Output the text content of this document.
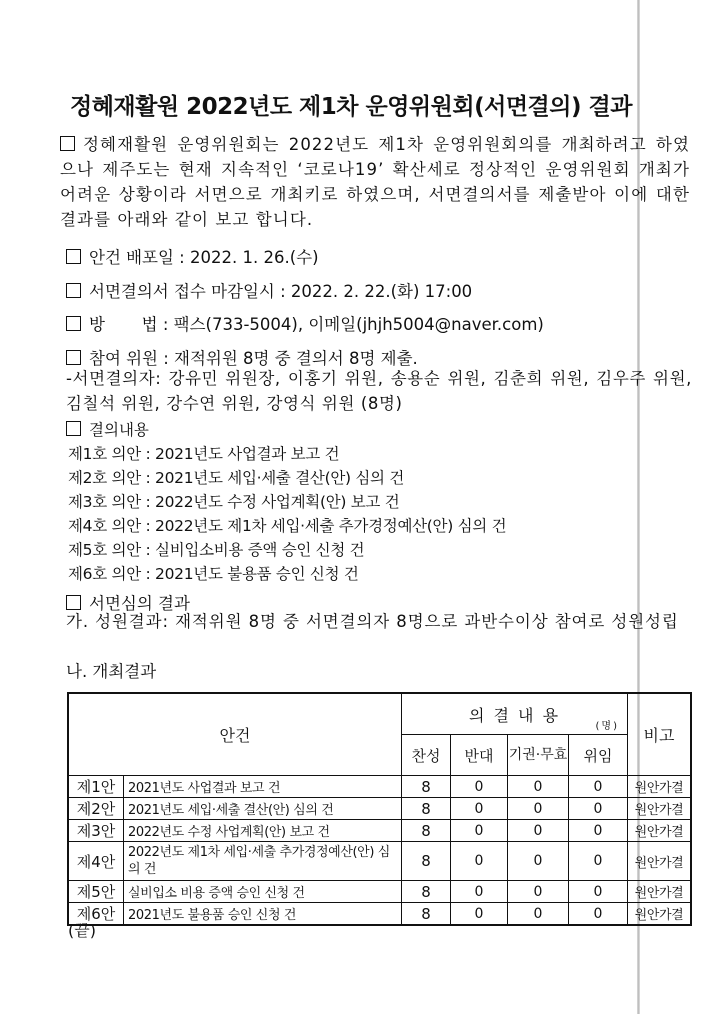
정혜재활원 2022년도 제1차 운영위원회(서면결의) 결과
정혜재활원 운영위원회는 2022년도 제1차 운영위원회의를 개최하려고 하였으나 제주도는 현재 지속적인 ‘코로나19’ 확산세로 정상적인 운영위원회 개최가 어려운 상황이라 서면으로 개최키로 하였으며, 서면결의서를 제출받아 이에 대한 결과를 아래와 같이 보고 합니다.
안건 배포일 : 2022. 1. 26.(수)
서면결의서 접수 마감일시 : 2022. 2. 22.(화) 17:00
방       법 : 팩스(733-5004), 이메일(jhjh5004@naver.com)
참여 위원 : 재적위원 8명 중 결의서 8명 제출.
-서면결의자: 강유민 위원장, 이홍기 위원, 송용순 위원, 김춘희 위원, 김우주 위원, 김칠석 위원, 강수연 위원, 강영식 위원 (8명)
결의내용
제1호 의안 : 2021년도 사업결과 보고 건
제2호 의안 : 2021년도 세입·세출 결산(안) 심의 건
제3호 의안 : 2022년도 수정 사업계획(안) 보고 건
제4호 의안 : 2022년도 제1차 세입·세출 추가경정예산(안) 심의 건
제5호 의안 : 실비입소비용 증액 승인 신청 건
제6호 의안 : 2021년도 불용품 승인 신청 건
서면심의 결과
가. 성원결과: 재적위원 8명 중 서면결의자 8명으로 과반수이상 참여로 성원성립
나. 개최결과
안건		의 결 내 용
(명)				비고
		찬성	반대	기권·무효	위임	
제1안	2021년도 사업결과 보고 건	8	0	0	0	원안가결
제2안	2021년도 세입·세출 결산(안) 심의 건	8	0	0	0	원안가결
제3안	2022년도 수정 사업계획(안) 보고 건	8	0	0	0	원안가결
제4안	2022년도 제1차 세입·세출 추가경정예산(안) 심의 건	8	0	0	0	원안가결
제5안	실비입소 비용 증액 승인 신청 건	8	0	0	0	원안가결
제6안	2021년도 불용품 승인 신청 건	8	0	0	0	원안가결
(끝)
